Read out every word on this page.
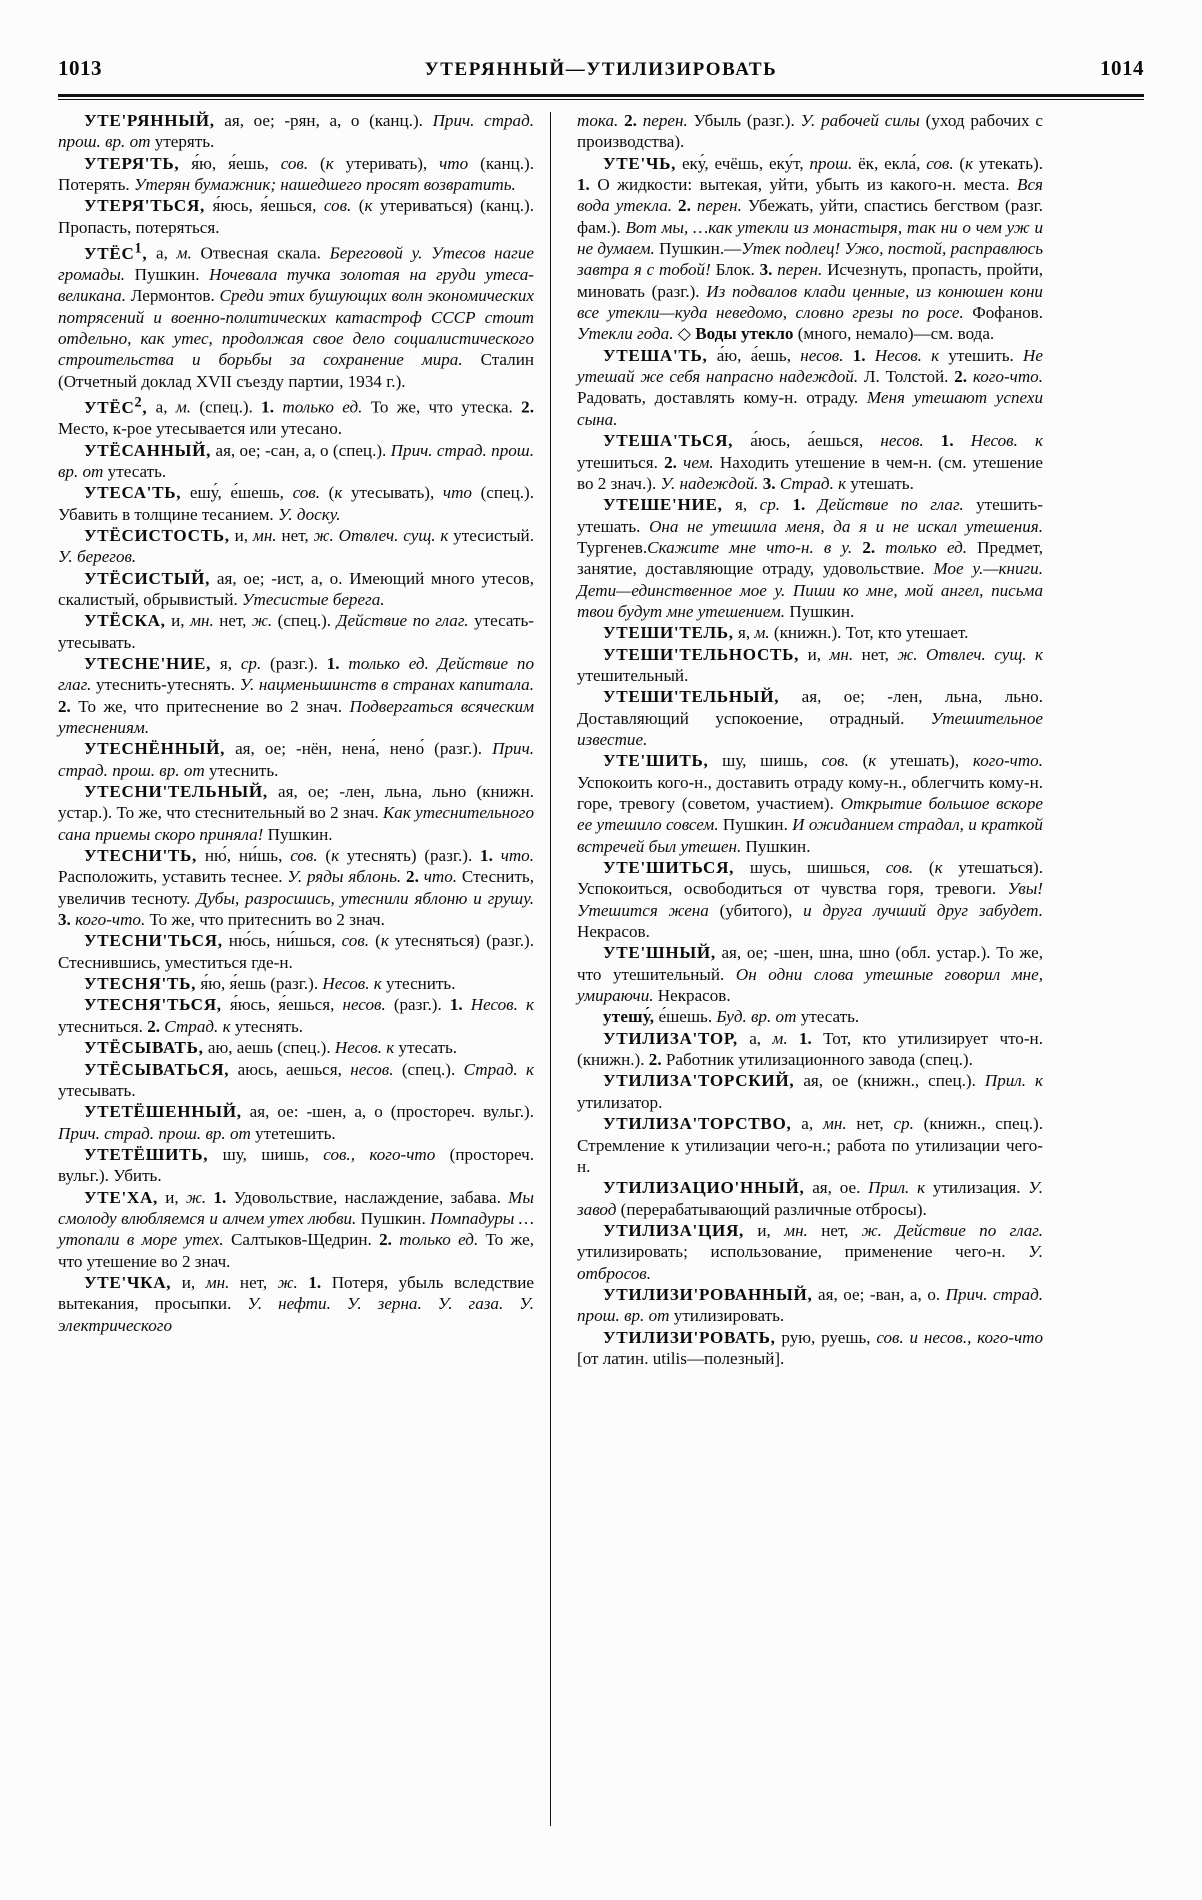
1013	УТЕРЯННЫЙ—УТИЛИЗИРОВАТЬ	1014

УТЕ'РЯННЫЙ, ая, ое; -рян, а, о (канц.). Прич. страд. прош. вр. от утерять.

УТЕРЯ'ТЬ, я́ю, я́ешь, сов. (к утеривать), что (канц.). Потерять. Утерян бумажник; нашедшего просят возвратить.

УТЕРЯ'ТЬСЯ, я́юсь, я́ешься, сов. (к утериваться) (канц.). Пропасть, потеряться.

УТЁС$^1$, а, м. Отвесная скала. Береговой у. Утесов нагие громады. Пушкин. Ночевала тучка золотая на груди утеса-великана. Лермонтов. Среди этих бушующих волн экономических потрясений и военно-политических катастроф СССР стоит отдельно, как утес, продолжая свое дело социалистического строительства и борьбы за сохранение мира. Сталин (Отчетный доклад XVII съезду партии, 1934 г.).

УТЁС$^2$, а, м. (спец.). 1. только ед. То же, что утеска. 2. Место, к-рое утесывается или утесано.

УТЁСАННЫЙ, ая, ое; -сан, а, о (спец.). Прич. страд. прош. вр. от утесать.

УТЕСА'ТЬ, ешу́, е́шешь, сов. (к утесывать), что (спец.). Убавить в толщине тесанием. У. доску.

УТЁСИСТОСТЬ, и, мн. нет, ж. Отвлеч. сущ. к утесистый. У. берегов.

УТЁСИСТЫЙ, ая, ое; -ист, а, о. Имеющий много утесов, скалистый, обрывистый. Утесистые берега.

УТЁСКА, и, мн. нет, ж. (спец.). Действие по глаг. утесать-утесывать.

УТЕСНЕ'НИЕ, я, ср. (разг.). 1. только ед. Действие по глаг. утеснить-утеснять. У. нацменьшинств в странах капитала. 2. То же, что притеснение во 2 знач. Подвергаться всяческим утеснениям.

УТЕСНЁННЫЙ, ая, ое; -нён, нена́, нено́ (разг.). Прич. страд. прош. вр. от утеснить.

УТЕСНИ'ТЕЛЬНЫЙ, ая, ое; -лен, льна, льно (книжн. устар.). То же, что стеснительный во 2 знач. Как утеснительного сана приемы скоро приняла! Пушкин.

УТЕСНИ'ТЬ, ню́, ни́шь, сов. (к утеснять) (разг.). 1. что. Расположить, уставить теснее. У. ряды яблонь. 2. что. Стеснить, увеличив тесноту. Дубы, разросшись, утеснили яблоню и грушу. 3. кого-что. То же, что притеснить во 2 знач.

УТЕСНИ'ТЬСЯ, ню́сь, ни́шься, сов. (к утесняться) (разг.). Стеснившись, уместиться где-н.

УТЕСНЯ'ТЬ, я́ю, я́ешь (разг.). Несов. к утеснить.

УТЕСНЯ'ТЬСЯ, я́юсь, я́ешься, несов. (разг.). 1. Несов. к утесниться. 2. Страд. к утеснять.

УТЁСЫВАТЬ, аю, аешь (спец.). Несов. к утесать.

УТЁСЫВАТЬСЯ, аюсь, аешься, несов. (спец.). Страд. к утесывать.

УТЕТЁШЕННЫЙ, ая, ое: -шен, а, о (простореч. вульг.). Прич. страд. прош. вр. от утетешить.

УТЕТЁШИТЬ, шу, шишь, сов., кого-что (простореч. вульг.). Убить.

УТЕ'ХА, и, ж. 1. Удовольствие, наслаждение, забава. Мы смолоду влюбляемся и алчем утех любви. Пушкин. Помпадуры …утопали в море утех. Салтыков-Щедрин. 2. только ед. То же, что утешение во 2 знач.

УТЕ'ЧКА, и, мн. нет, ж. 1. Потеря, убыль вследствие вытекания, просыпки. У. нефти. У. зерна. У. газа. У. электрического

тока. 2. перен. Убыль (разг.). У. рабочей силы (уход рабочих с производства).

УТЕ'ЧЬ, еку́, ечёшь, еку́т, прош. ёк, екла́, сов. (к утекать). 1. О жидкости: вытекая, уйти, убыть из какого-н. места. Вся вода утекла. 2. перен. Убежать, уйти, спастись бегством (разг. фам.). Вот мы, …как утекли из монастыря, так ни о чем уж и не думаем. Пушкин.—Утек подлец! Ужо, постой, расправлюсь завтра я с тобой! Блок. 3. перен. Исчезнуть, пропасть, пройти, миновать (разг.). Из подвалов клади ценные, из конюшен кони все утекли—куда неведомо, словно грезы по росе. Фофанов. Утекли года. ◇ Воды утекло (много, немало)—см. вода.

УТЕША'ТЬ, а́ю, а́ешь, несов. 1. Несов. к утешить. Не утешай же себя напрасно надеждой. Л. Толстой. 2. кого-что. Радовать, доставлять кому-н. отраду. Меня утешают успехи сына.

УТЕША'ТЬСЯ, а́юсь, а́ешься, несов. 1. Несов. к утешиться. 2. чем. Находить утешение в чем-н. (см. утешение во 2 знач.). У. надеждой. 3. Страд. к утешать.

УТЕШЕ'НИЕ, я, ср. 1. Действие по глаг. утешить-утешать. Она не утешила меня, да я и не искал утешения. Тургенев.Скажите мне что-н. в у. 2. только ед. Предмет, занятие, доставляющие отраду, удовольствие. Мое у.—книги. Дети—единственное мое у. Пиши ко мне, мой ангел, письма твои будут мне утешением. Пушкин.

УТЕШИ'ТЕЛЬ, я, м. (книжн.). Тот, кто утешает.

УТЕШИ'ТЕЛЬНОСТЬ, и, мн. нет, ж. Отвлеч. сущ. к утешительный.

УТЕШИ'ТЕЛЬНЫЙ, ая, ое; -лен, льна, льно. Доставляющий успокоение, отрадный. Утешительное известие.

УТЕ'ШИТЬ, шу, шишь, сов. (к утешать), кого-что. Успокоить кого-н., доставить отраду кому-н., облегчить кому-н. горе, тревогу (советом, участием). Открытие большое вскоре ее утешило совсем. Пушкин. И ожиданием страдал, и краткой встречей был утешен. Пушкин.

УТЕ'ШИТЬСЯ, шусь, шишься, сов. (к утешаться). Успокоиться, освободиться от чувства горя, тревоги. Увы! Утешится жена (убитого), и друга лучший друг забудет. Некрасов.

УТЕ'ШНЫЙ, ая, ое; -шен, шна, шно (обл. устар.). То же, что утешительный. Он одни слова утешные говорил мне, умираючи. Некрасов.

утешу́, е́шешь. Буд. вр. от утесать.

УТИЛИЗА'ТОР, а, м. 1. Тот, кто утилизирует что-н. (книжн.). 2. Работник утилизационного завода (спец.).

УТИЛИЗА'ТОРСКИЙ, ая, ое (книжн., спец.). Прил. к утилизатор.

УТИЛИЗА'ТОРСТВО, а, мн. нет, ср. (книжн., спец.). Стремление к утилизации чего-н.; работа по утилизации чего-н.

УТИЛИЗАЦИО'ННЫЙ, ая, ое. Прил. к утилизация. У. завод (перерабатывающий различные отбросы).

УТИЛИЗА'ЦИЯ, и, мн. нет, ж. Действие по глаг. утилизировать; использование, применение чего-н. У. отбросов.

УТИЛИЗИ'РОВАННЫЙ, ая, ое; -ван, а, о. Прич. страд. прош. вр. от утилизировать.

УТИЛИЗИ'РОВАТЬ, рую, руешь, сов. и несов., кого-что [от латин. utilis—полезный].
